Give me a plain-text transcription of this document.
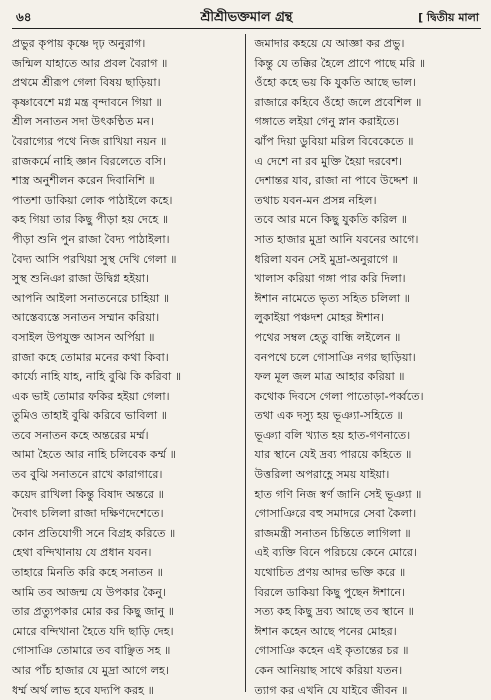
৬৪	শ্রীশ্রীভক্তমাল গ্রন্থ	[ দ্বিতীয় মালা
প্রভুর কৃপায় কৃষ্ণে দৃঢ় অনুরাগ।
জন্মিল যাহাতে আর প্রবল বৈরাগ ॥
প্রথমে শ্রীরূপ গেলা বিষয় ছাড়িয়া।
কৃষ্ণাবেশে মগ্ন মন্ত্র বৃন্দাবনে গিয়া ॥
শ্রীল সনাতন সদা উৎকণ্ঠিত মন।
বৈরাগ্যের পথে নিজ রাখিয়া নয়ন ॥
রাজকর্মে নাহি জ্ঞান বিরলেতে বসি।
শাস্ত্র অনুশীলন করেন দিবানিশি ॥
পাতশা ডাকিয়া লোক পাঠাইলে কহে।
কহ গিয়া তার কিছু পীড়া হয় দেহে ॥
পীড়া শুনি পুন রাজা বৈদ্য পাঠাইলা।
বৈদ্য আসি পরখিয়া সুস্থ দেখি গেলা ॥
সুস্থ শুনিঞা রাজা উদ্বিগ্ন হইয়া।
আপনি আইলা সনাতনেরে চাহিয়া ॥
আস্তেব্যস্তে সনাতন সম্মান করিয়া।
বসাইল উপযুক্ত আসন অর্পিয়া ॥
রাজা কহে তোমার মনের কথা কিবা।
কার্য্যে নাহি যাহ, নাহি বুঝি কি করিবা ॥
এক ভাই তোমার ফকির হইয়া গেলা।
তুমিও তাহাই বুঝি করিবে ভাবিলা ॥
তবে সনাতন কহে অন্তরের মর্ম্ম।
আমা হৈতে আর নাহি চলিবেক কর্ম্ম ॥
তব বুঝি সনাতনে রাখে কারাগারে।
কয়েদ রাখিলা কিন্তু বিষাদ অন্তরে ॥
দৈবাৎ চলিলা রাজা দক্ষিণদেশেতে।
কোন প্রতিযোগী সনে বিগ্রহ করিতে ॥
হেথা বন্দিখানায় যে প্রধান যবন।
তাহারে মিনতি করি কহে সনাতন ॥
আমি তব আজন্ম যে উপকার কৈনু।
তার প্রত্যুপকার মোর কর কিছু জানু ॥
মোরে বন্দিখানা হৈতে যদি ছাড়ি দেহ।
গোসাঞি তোমারে তব বাঞ্ছিত সহ ॥
আর পাঁচ হাজার যে মুদ্রা আগে লহ।
ধর্ম্ম অর্থ লাভ হবে যদ্যপি করহ ॥
জমাদার কহয়ে যে আজ্ঞা কর প্রভু।
কিন্তু যে তক্কির হৈলে প্রাণে পাছে মরি ॥
ওঁহো কহে ভয় কি যুকতি আছে ভাল।
রাজারে কহিবে ওঁহো জলে প্রবেশিল ॥
গঙ্গাতে লইয়া গেনু স্নান করাইতে।
ঝাঁপ দিয়া ডুবিয়া মরিল বিবেকেতে ॥
এ দেশে না রব মুক্তি হৈয়া দরবেশ।
দেশান্তর যাব, রাজা না পাবে উদ্দেশ ॥
তথাচ যবন-মন প্রসন্ন নহিল।
তবে আর মনে কিছু যুকতি করিল ॥
সাত হাজার মুদ্রা আনি যবনের আগে।
ধরিলা যবন সেই মুদ্রা-অনুরাগে ॥
খালাস করিয়া গঙ্গা পার করি দিলা।
ঈশান নামেতে ভৃত্য সহিত চলিলা ॥
লুকাইয়া পঞ্চদশ মোহর ঈশান।
পথের সম্বল হেতু বান্ধি লইলেন ॥
বনপথে চলে গোসাঞি নগর ছাড়িয়া।
ফল মূল জল মাত্র আহার করিয়া ॥
কথোক দিবসে গেলা পাতোড়া-পর্ব্বতে।
তথা এক দস্যু হয় ভূঞ্যা-সহিতে ॥
ভূঞ্যা বলি খ্যাত হয় হাত-গণনাতে।
যার স্থানে যেই দ্রব্য পারয়ে কহিতে ॥
উত্তরিলা অপরাহ্ণে সময় যাইয়া।
হাত গণি নিজ স্বর্ণ জানি সেই ভূঞ্যা ॥
গোসাঞিরে বহু সমাদরে সেবা কৈলা।
রাজমন্ত্রী সনাতন চিন্তিতে লাগিলা ॥
এই ব্যক্তি বিনে পরিচয়ে কেনে মোরে।
যথোচিত প্রণয় আদর ভক্তি করে ॥
বিরলে ডাকিয়া কিছু পুছেন ঈশানে।
সত্য কহ কিছু দ্রব্য আছে তব স্থানে ॥
ঈশান কহেন আছে পনের মোহর।
গোসাঞি কহেন এই কৃতান্তের চর ॥
কেন আনিয়াছ সাথে করিয়া যতন।
ত্যাগ কর এখনি যে যাইবে জীবন ॥
